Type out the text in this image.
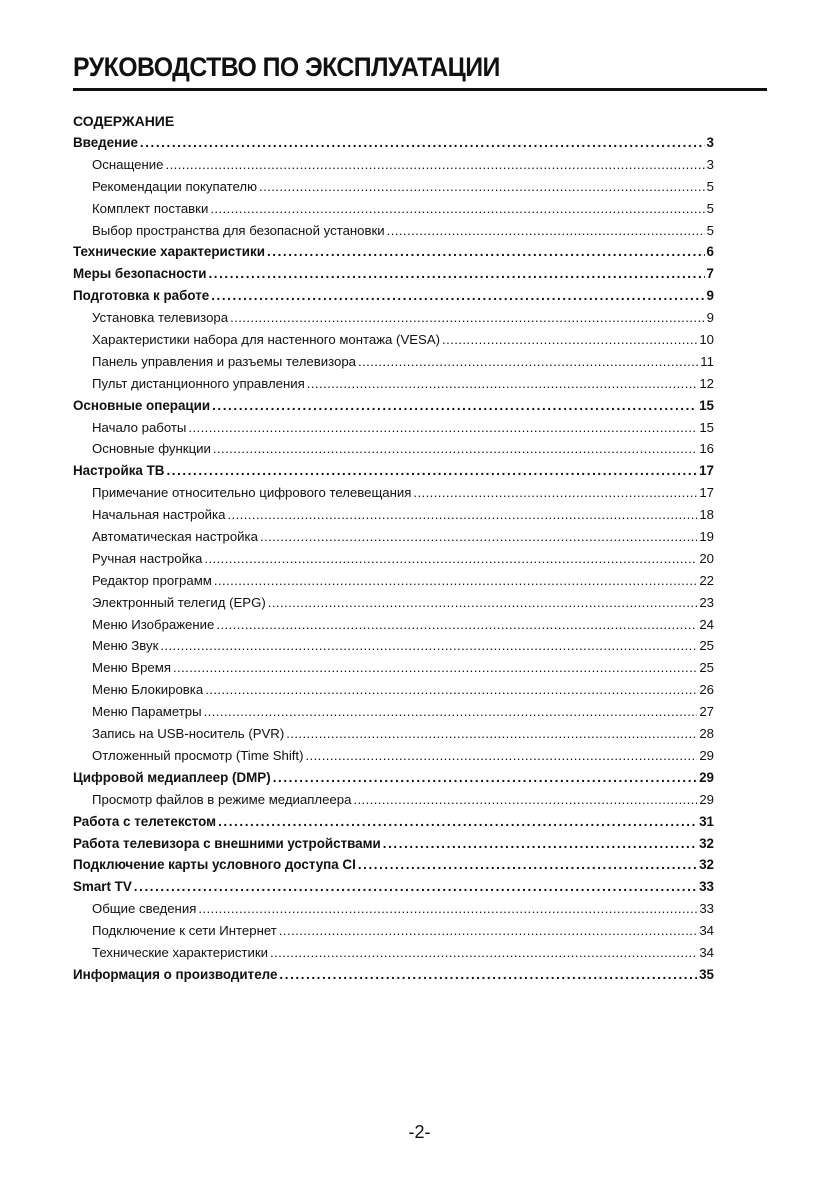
РУКОВОДСТВО ПО ЭКСПЛУАТАЦИИ
СОДЕРЖАНИЕ
Введение .....	3
Оснащение .....	3
Рекомендации покупателю .....	5
Комплект поставки .....	5
Выбор пространства для безопасной установки .....	5
Технические характеристики .....	6
Меры безопасности .....	7
Подготовка к работе .....	9
Установка телевизора .....	9
Характеристики набора для настенного монтажа (VESA) .....	10
Панель управления и разъемы телевизора .....	11
Пульт дистанционного управления .....	12
Основные операции .....	15
Начало работы .....	15
Основные функции .....	16
Настройка ТВ .....	17
Примечание относительно цифрового телевещания .....	17
Начальная настройка .....	18
Автоматическая настройка .....	19
Ручная настройка .....	20
Редактор программ .....	22
Электронный телегид (EPG) .....	23
Меню Изображение .....	24
Меню Звук .....	25
Меню Время .....	25
Меню Блокировка .....	26
Меню Параметры .....	27
Запись на USB-носитель (PVR) .....	28
Отложенный просмотр (Time Shift) .....	29
Цифровой медиаплеер (DMP) .....	29
Просмотр файлов в режиме медиаплеера .....	29
Работа с телетекстом .....	31
Работа телевизора с внешними устройствами .....	32
Подключение карты условного доступа CI .....	32
Smart TV .....	33
Общие сведения .....	33
Подключение к сети Интернет .....	34
Технические характеристики .....	34
Информация о производителе .....	35
-2-
